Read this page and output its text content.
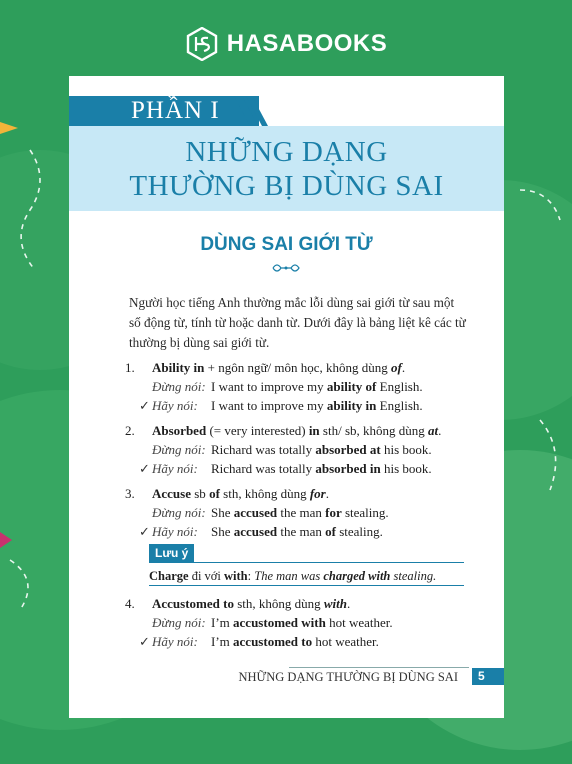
HASABOOKS
PHẦN I
NHỮNG DẠNG
THƯỜNG BỊ DÙNG SAI
DÙNG SAI GIỚI TỪ
Người học tiếng Anh thường mắc lỗi dùng sai giới từ sau một
số động từ, tính từ hoặc danh từ. Dưới đây là bảng liệt kê các từ
thường bị dùng sai giới từ.
1. Ability in + ngôn ngữ/ môn học, không dùng of.
Đừng nói: I want to improve my ability of English.
✓ Hãy nói: I want to improve my ability in English.
2. Absorbed (= very interested) in sth/ sb, không dùng at.
Đừng nói: Richard was totally absorbed at his book.
✓ Hãy nói: Richard was totally absorbed in his book.
3. Accuse sb of sth, không dùng for.
Đừng nói: She accused the man for stealing.
✓ Hãy nói: She accused the man of stealing.
Lưu ý
Charge đi với with: The man was charged with stealing.
4. Accustomed to sth, không dùng with.
Đừng nói: I’m accustomed with hot weather.
✓ Hãy nói: I’m accustomed to hot weather.
NHỮNG DẠNG THƯỜNG BỊ DÙNG SAI	5
